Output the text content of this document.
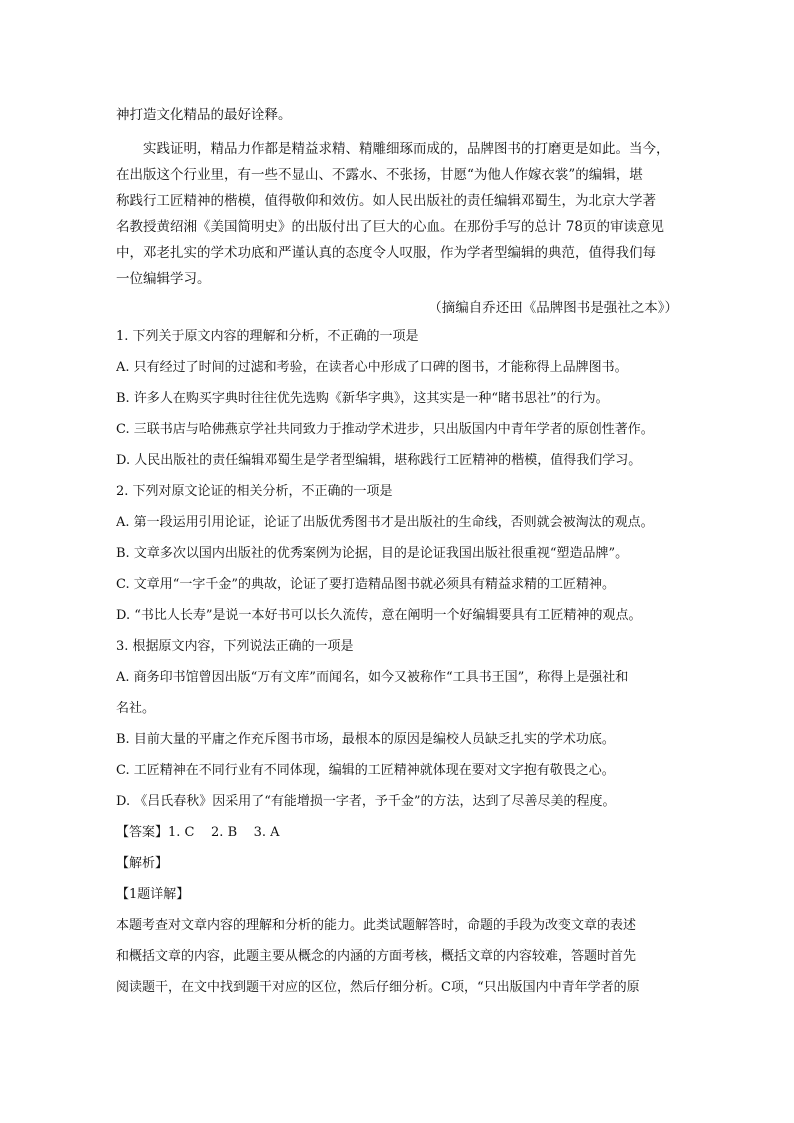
神打造文化精品的最好诠释。
实践证明，精品力作都是精益求精、精雕细琢而成的，品牌图书的打磨更是如此。当今，
在出版这个行业里，有一些不显山、不露水、不张扬，甘愿“为他人作嫁衣裳”的编辑，堪
称践行工匠精神的楷模，值得敬仰和效仿。如人民出版社的责任编辑邓蜀生，为北京大学著
名教授黄绍湘《美国简明史》的出版付出了巨大的心血。在那份手写的总计 78页的审读意见
中，邓老扎实的学术功底和严谨认真的态度令人叹服，作为学者型编辑的典范，值得我们每
一位编辑学习。
（摘编自乔还田《品牌图书是强社之本》）
1. 下列关于原文内容的理解和分析，不正确的一项是
A. 只有经过了时间的过滤和考验，在读者心中形成了口碑的图书，才能称得上品牌图书。
B. 许多人在购买字典时往往优先选购《新华字典》，这其实是一种“睹书思社”的行为。
C. 三联书店与哈佛燕京学社共同致力于推动学术进步，只出版国内中青年学者的原创性著作。
D. 人民出版社的责任编辑邓蜀生是学者型编辑，堪称践行工匠精神的楷模，值得我们学习。
2. 下列对原文论证的相关分析，不正确的一项是
A. 第一段运用引用论证，论证了出版优秀图书才是出版社的生命线，否则就会被淘汰的观点。
B. 文章多次以国内出版社的优秀案例为论据，目的是论证我国出版社很重视“塑造品牌”。
C. 文章用“一字千金”的典故，论证了要打造精品图书就必须具有精益求精的工匠精神。
D. “书比人长寿”是说一本好书可以长久流传，意在阐明一个好编辑要具有工匠精神的观点。
3. 根据原文内容，下列说法正确的一项是
A. 商务印书馆曾因出版“万有文库”而闻名，如今又被称作“工具书王国”，称得上是强社和
名社。
B. 目前大量的平庸之作充斥图书市场，最根本的原因是编校人员缺乏扎实的学术功底。
C. 工匠精神在不同行业有不同体现，编辑的工匠精神就体现在要对文字抱有敬畏之心。
D. 《吕氏春秋》因采用了“有能增损一字者，予千金”的方法，达到了尽善尽美的程度。
【答案】1. C    2. B    3. A
【解析】
【1题详解】
本题考查对文章内容的理解和分析的能力。此类试题解答时，命题的手段为改变文章的表述
和概括文章的内容，此题主要从概念的内涵的方面考核，概括文章的内容较难，答题时首先
阅读题干，在文中找到题干对应的区位，然后仔细分析。C项，“只出版国内中青年学者的原
